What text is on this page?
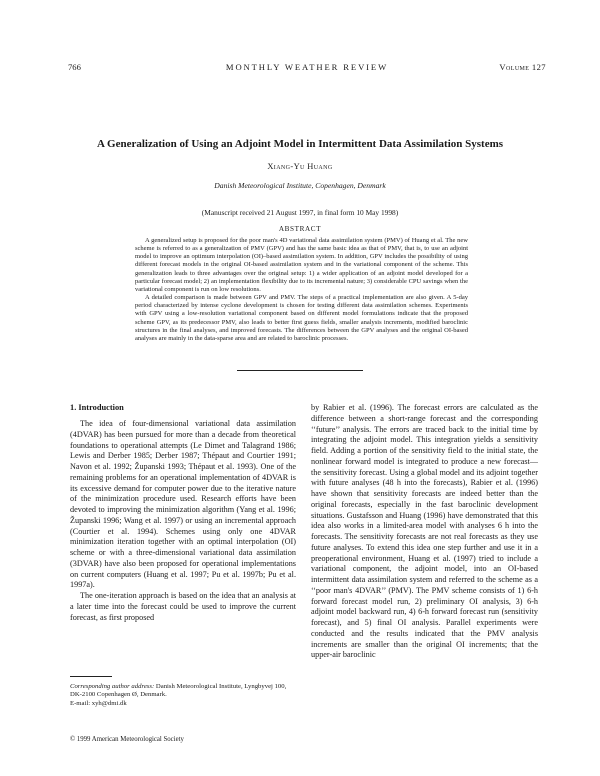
766	MONTHLY WEATHER REVIEW	Volume 127
A Generalization of Using an Adjoint Model in Intermittent Data Assimilation Systems
Xiang-Yu Huang
Danish Meteorological Institute, Copenhagen, Denmark
(Manuscript received 21 August 1997, in final form 10 May 1998)
ABSTRACT

A generalized setup is proposed for the poor man's 4D variational data assimilation system (PMV) of Huang et al. The new scheme is referred to as a generalization of PMV (GPV) and has the same basic idea as that of PMV, that is, to use an adjoint model to improve an optimum interpolation (OI)–based assimilation system. In addition, GPV includes the possibility of using different forecast models in the original OI-based assimilation system and in the variational component of the scheme. This generalization leads to three advantages over the original setup: 1) a wider application of an adjoint model developed for a particular forecast model; 2) an implementation flexibility due to its incremental nature; 3) considerable CPU savings when the variational component is run on low resolutions.

A detailed comparison is made between GPV and PMV. The steps of a practical implementation are also given. A 5-day period characterized by intense cyclone development is chosen for testing different data assimilation schemes. Experiments with GPV using a low-resolution variational component based on different model formulations indicate that the proposed scheme GPV, as its predecessor PMV, also leads to better first guess fields, smaller analysis increments, modified baroclinic structures in the final analyses, and improved forecasts. The differences between the GPV analyses and the original OI-based analyses are mainly in the data-sparse area and are related to baroclinic processes.

1. Introduction

The idea of four-dimensional variational data assimilation (4DVAR) has been pursued for more than a decade from theoretical foundations to operational attempts (Le Dimet and Talagrand 1986; Lewis and Derber 1985; Derber 1987; Thépaut and Courtier 1991; Navon et al. 1992; Županski 1993; Thépaut et al. 1993). One of the remaining problems for an operational implementation of 4DVAR is its excessive demand for computer power due to the iterative nature of the minimization procedure used. Research efforts have been devoted to improving the minimization algorithm (Yang et al. 1996; Županski 1996; Wang et al. 1997) or using an incremental approach (Courtier et al. 1994). Schemes using only one 4DVAR minimization iteration together with an optimal interpolation (OI) scheme or with a three-dimensional variational data assimilation (3DVAR) have also been proposed for operational implementations on current computers (Huang et al. 1997; Pu et al. 1997b; Pu et al. 1997a).

The one-iteration approach is based on the idea that an analysis at a later time into the forecast could be used to improve the current forecast, as first proposed

by Rabier et al. (1996). The forecast errors are calculated as the difference between a short-range forecast and the corresponding ‘‘future’’ analysis. The errors are traced back to the initial time by integrating the adjoint model. This integration yields a sensitivity field. Adding a portion of the sensitivity field to the initial state, the nonlinear forward model is integrated to produce a new forecast—the sensitivity forecast. Using a global model and its adjoint together with future analyses (48 h into the forecasts), Rabier et al. (1996) have shown that sensitivity forecasts are indeed better than the original forecasts, especially in the fast baroclinic development situations. Gustafsson and Huang (1996) have demonstrated that this idea also works in a limited-area model with analyses 6 h into the forecasts. The sensitivity forecasts are not real forecasts as they use future analyses. To extend this idea one step further and use it in a preoperational environment, Huang et al. (1997) tried to include a variational component, the adjoint model, into an OI-based intermittent data assimilation system and referred to the scheme as a ‘‘poor man's 4DVAR’’ (PMV). The PMV scheme consists of 1) 6-h forward forecast model run, 2) preliminary OI analysis, 3) 6-h adjoint model backward run, 4) 6-h forward forecast run (sensitivity forecast), and 5) final OI analysis. Parallel experiments were conducted and the results indicated that the PMV analysis increments are smaller than the original OI increments; that the upper-air baroclinic

Corresponding author address: Danish Meteorological Institute, Lyngbyvej 100, DK-2100 Copenhagen Ø, Denmark.
E-mail: xyh@dmi.dk
© 1999 American Meteorological Society
